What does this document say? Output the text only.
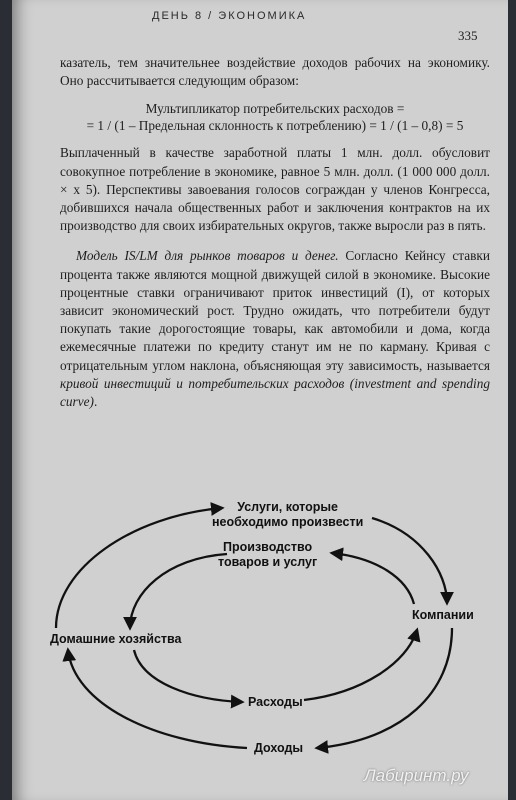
ДЕНЬ 8 / ЭКОНОМИКА
335

казатель, тем значительнее воздействие доходов рабочих на экономику. Оно рассчитывается следующим образом:

Мультипликатор потребительских расходов =
= 1 / (1 – Предельная склонность к потреблению) = 1 / (1 – 0,8) = 5

Выплаченный в качестве заработной платы 1 млн. долл. обусловит совокупное потребление в экономике, равное 5 млн. долл. (1 000 000 долл. × х 5). Перспективы завоевания голосов сограждан у членов Конгресса, добившихся начала общественных работ и заключения контрактов на их производство для своих избирательных округов, также выросли раз в пять.

Модель IS/LM для рынков товаров и денег. Согласно Кейнсу ставки процента также являются мощной движущей силой в экономике. Высокие процентные ставки ограничивают приток инвестиций (I), от которых зависит экономический рост. Трудно ожидать, что потребители будут покупать такие дорогостоящие товары, как автомобили и дома, когда ежемесячные платежи по кредиту станут им не по карману. Кривая с отрицательным углом наклона, объясняющая эту зависимость, называется кривой инвестиций и потребительских расходов (investment and spending curve).

Услуги, которые
необходимо произвести
Производство
товаров и услуг
Компании
Домашние хозяйства
Расходы
Доходы
Лабиринт.ру
